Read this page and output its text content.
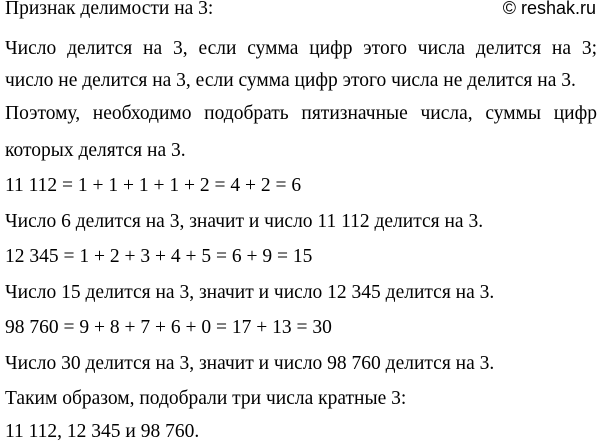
© reshak.ru
Признак делимости на 3:
Число делится на 3, если сумма цифр этого числа делится на 3;
число не делится на 3, если сумма цифр этого числа не делится на 3.
Поэтому, необходимо подобрать пятизначные числа, суммы цифр
которых делятся на 3.
11 112 = 1 + 1 + 1 + 1 + 2 = 4 + 2 = 6
Число 6 делится на 3, значит и число 11 112 делится на 3.
12 345 = 1 + 2 + 3 + 4 + 5 = 6 + 9 = 15
Число 15 делится на 3, значит и число 12 345 делится на 3.
98 760 = 9 + 8 + 7 + 6 + 0 = 17 + 13 = 30
Число 30 делится на 3, значит и число 98 760 делится на 3.
Таким образом, подобрали три числа кратные 3:
11 112, 12 345 и 98 760.
